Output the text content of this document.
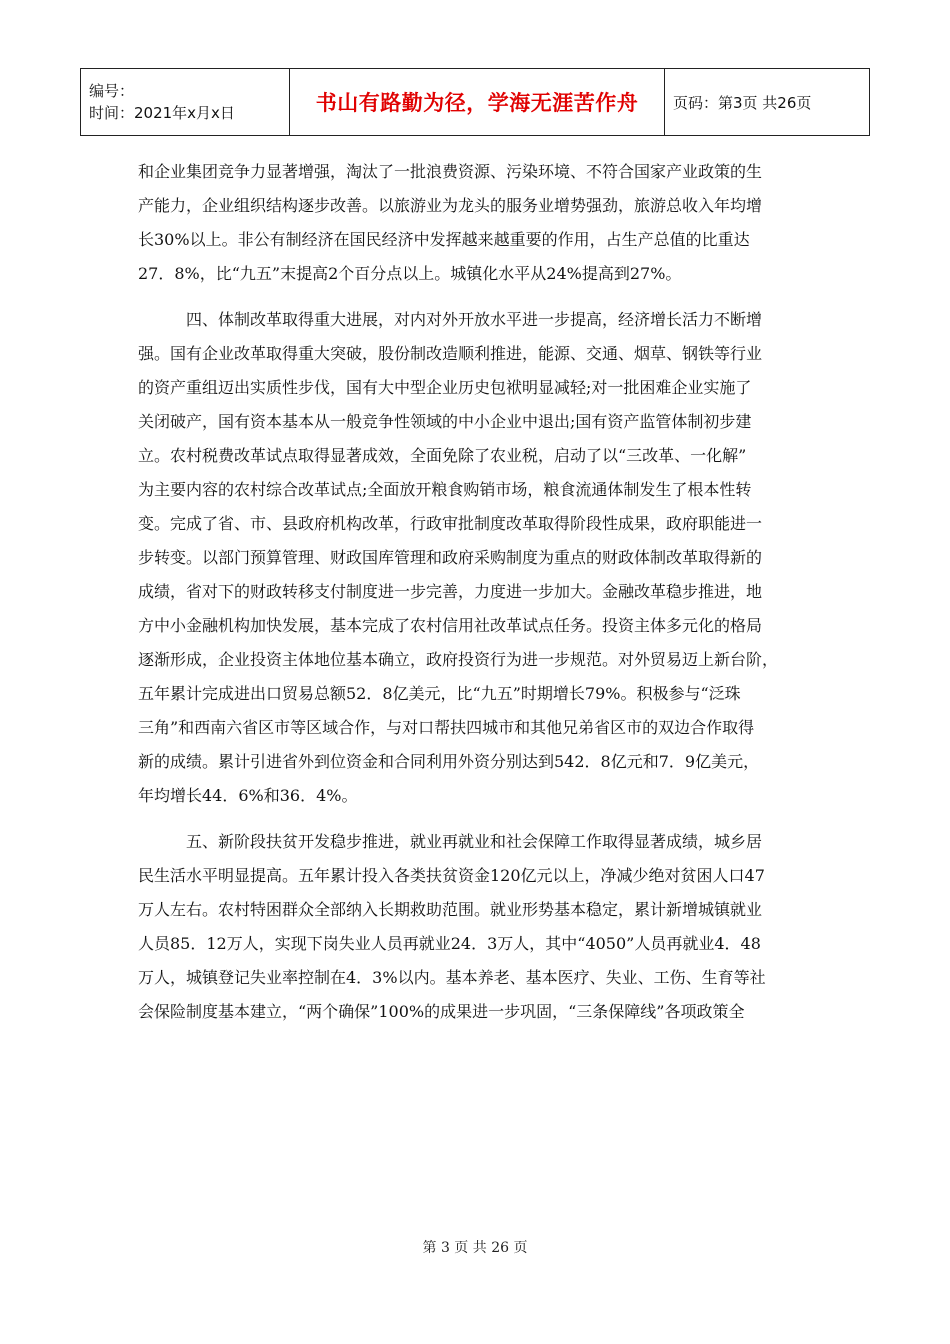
编号：
时间：2021年x月x日	书山有路勤为径，学海无涯苦作舟	页码：第3页 共26页
和企业集团竞争力显著增强，淘汰了一批浪费资源、污染环境、不符合国家产业政策的生
产能力，企业组织结构逐步改善。以旅游业为龙头的服务业增势强劲，旅游总收入年均增
长30%以上。非公有制经济在国民经济中发挥越来越重要的作用，占生产总值的比重达
27．8%，比“九五”末提高2个百分点以上。城镇化水平从24%提高到27%。
四、体制改革取得重大进展，对内对外开放水平进一步提高，经济增长活力不断增
强。国有企业改革取得重大突破，股份制改造顺利推进，能源、交通、烟草、钢铁等行业
的资产重组迈出实质性步伐，国有大中型企业历史包袱明显减轻;对一批困难企业实施了
关闭破产，国有资本基本从一般竞争性领域的中小企业中退出;国有资产监管体制初步建
立。农村税费改革试点取得显著成效，全面免除了农业税，启动了以“三改革、一化解”
为主要内容的农村综合改革试点;全面放开粮食购销市场，粮食流通体制发生了根本性转
变。完成了省、市、县政府机构改革，行政审批制度改革取得阶段性成果，政府职能进一
步转变。以部门预算管理、财政国库管理和政府采购制度为重点的财政体制改革取得新的
成绩，省对下的财政转移支付制度进一步完善，力度进一步加大。金融改革稳步推进，地
方中小金融机构加快发展，基本完成了农村信用社改革试点任务。投资主体多元化的格局
逐渐形成，企业投资主体地位基本确立，政府投资行为进一步规范。对外贸易迈上新台阶，
五年累计完成进出口贸易总额52．8亿美元，比“九五”时期增长79%。积极参与“泛珠
三角”和西南六省区市等区域合作，与对口帮扶四城市和其他兄弟省区市的双边合作取得
新的成绩。累计引进省外到位资金和合同利用外资分别达到542．8亿元和7．9亿美元，
年均增长44．6%和36．4%。
五、新阶段扶贫开发稳步推进，就业再就业和社会保障工作取得显著成绩，城乡居
民生活水平明显提高。五年累计投入各类扶贫资金120亿元以上，净减少绝对贫困人口47
万人左右。农村特困群众全部纳入长期救助范围。就业形势基本稳定，累计新增城镇就业
人员85．12万人，实现下岗失业人员再就业24．3万人，其中“4050”人员再就业4．48
万人，城镇登记失业率控制在4．3%以内。基本养老、基本医疗、失业、工伤、生育等社
会保险制度基本建立，“两个确保”100%的成果进一步巩固，“三条保障线”各项政策全
第 3 页 共 26 页
